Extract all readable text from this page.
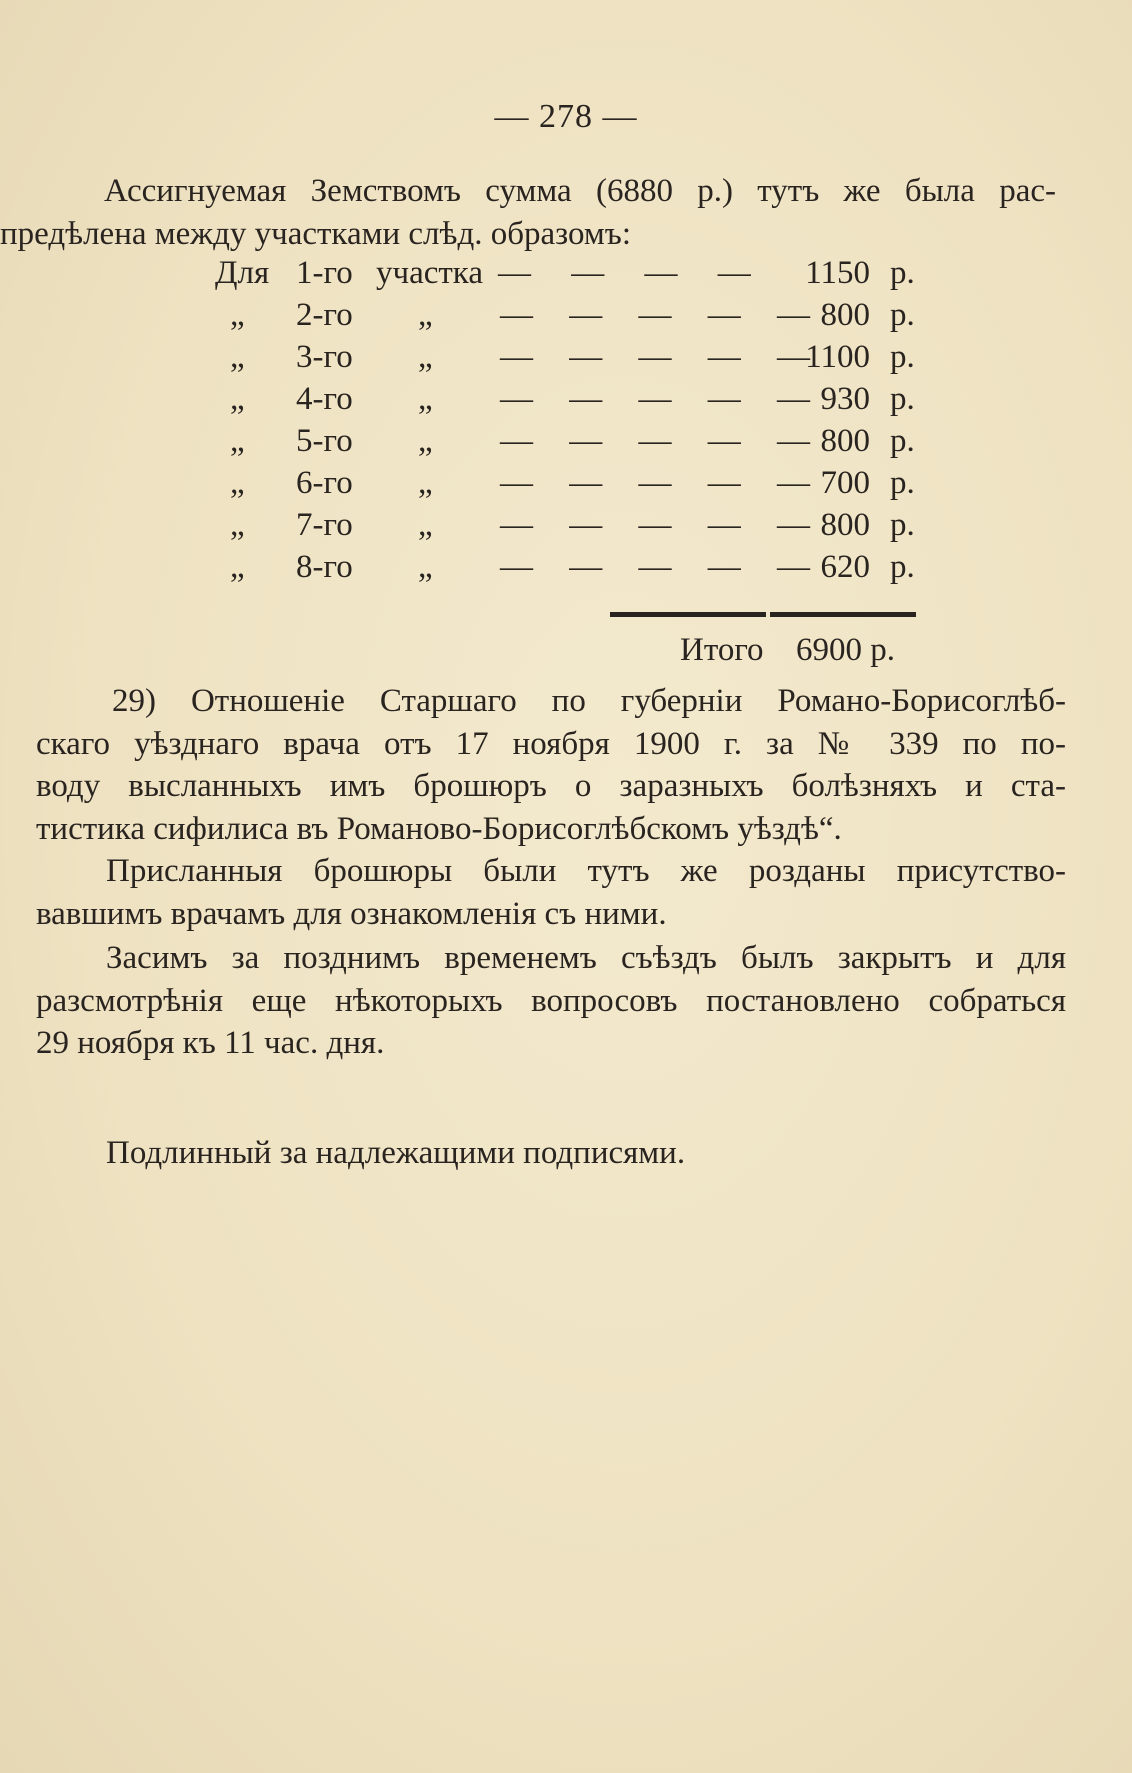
— 278 —
Ассигнуемая Земствомъ сумма (6880 р.) тутъ же была рас-
предѣлена между участками слѣд. образомъ:
Для 1-го участка — — — —	1150 р.
„ 2-го „ — — — — —
800 р.
„ 3-го „ — — — — —
1100 р.
„ 4-го „ — — — — —
930 р.
„ 5-го „ — — — — —
800 р.
„ 6-го „ — — — — —
700 р.
„ 7-го „ — — — — —
800 р.
„ 8-го „ — — — — —
620 р.
Итого 6900 р.
29) Отношеніе Старшаго по губерніи Романо-Борисоглѣб-
скаго уѣзднаго врача отъ 17 ноября 1900 г. за № 339 по по-
воду высланныхъ имъ брошюръ о заразныхъ болѣзняхъ и ста-
тистика сифилиса въ Романово-Борисоглѣбскомъ уѣздѣ“.
Присланныя брошюры были тутъ же розданы присутство-
вавшимъ врачамъ для ознакомленія съ ними.
Засимъ за позднимъ временемъ съѣздъ былъ закрытъ и для
разсмотрѣнія еще нѣкоторыхъ вопросовъ постановлено собраться
29 ноября къ 11 час. дня.
Подлинный за надлежащими подписями.
